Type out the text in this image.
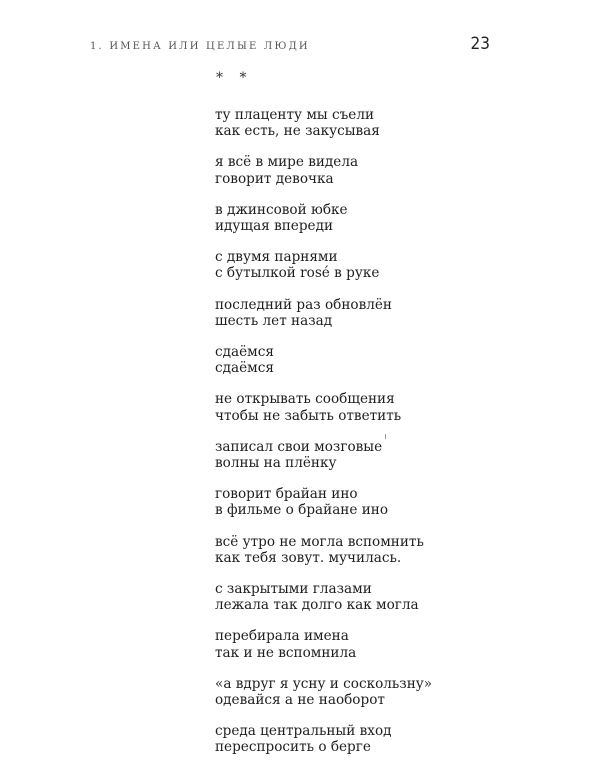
1. ИМЕНА ИЛИ ЦЕЛЫЕ ЛЮДИ	23
* *
ту плаценту мы съели
как есть, не закусывая
я всё в мире видела
говорит девочка
в джинсовой юбке
идущая впереди
с двумя парнями
с бутылкой rosé в руке
последний раз обновлён
шесть лет назад
сдаёмся
сдаёмся
не открывать сообщения
чтобы не забыть ответить
записал свои мозговые
волны на плёнку
говорит брайан ино
в фильме о брайане ино
всё утро не могла вспомнить
как тебя зовут. мучилась.
с закрытыми глазами
лежала так долго как могла
перебирала имена
так и не вспомнила
«а вдруг я усну и соскользну»
одевайся а не наоборот
среда центральный вход
переспросить о берге
